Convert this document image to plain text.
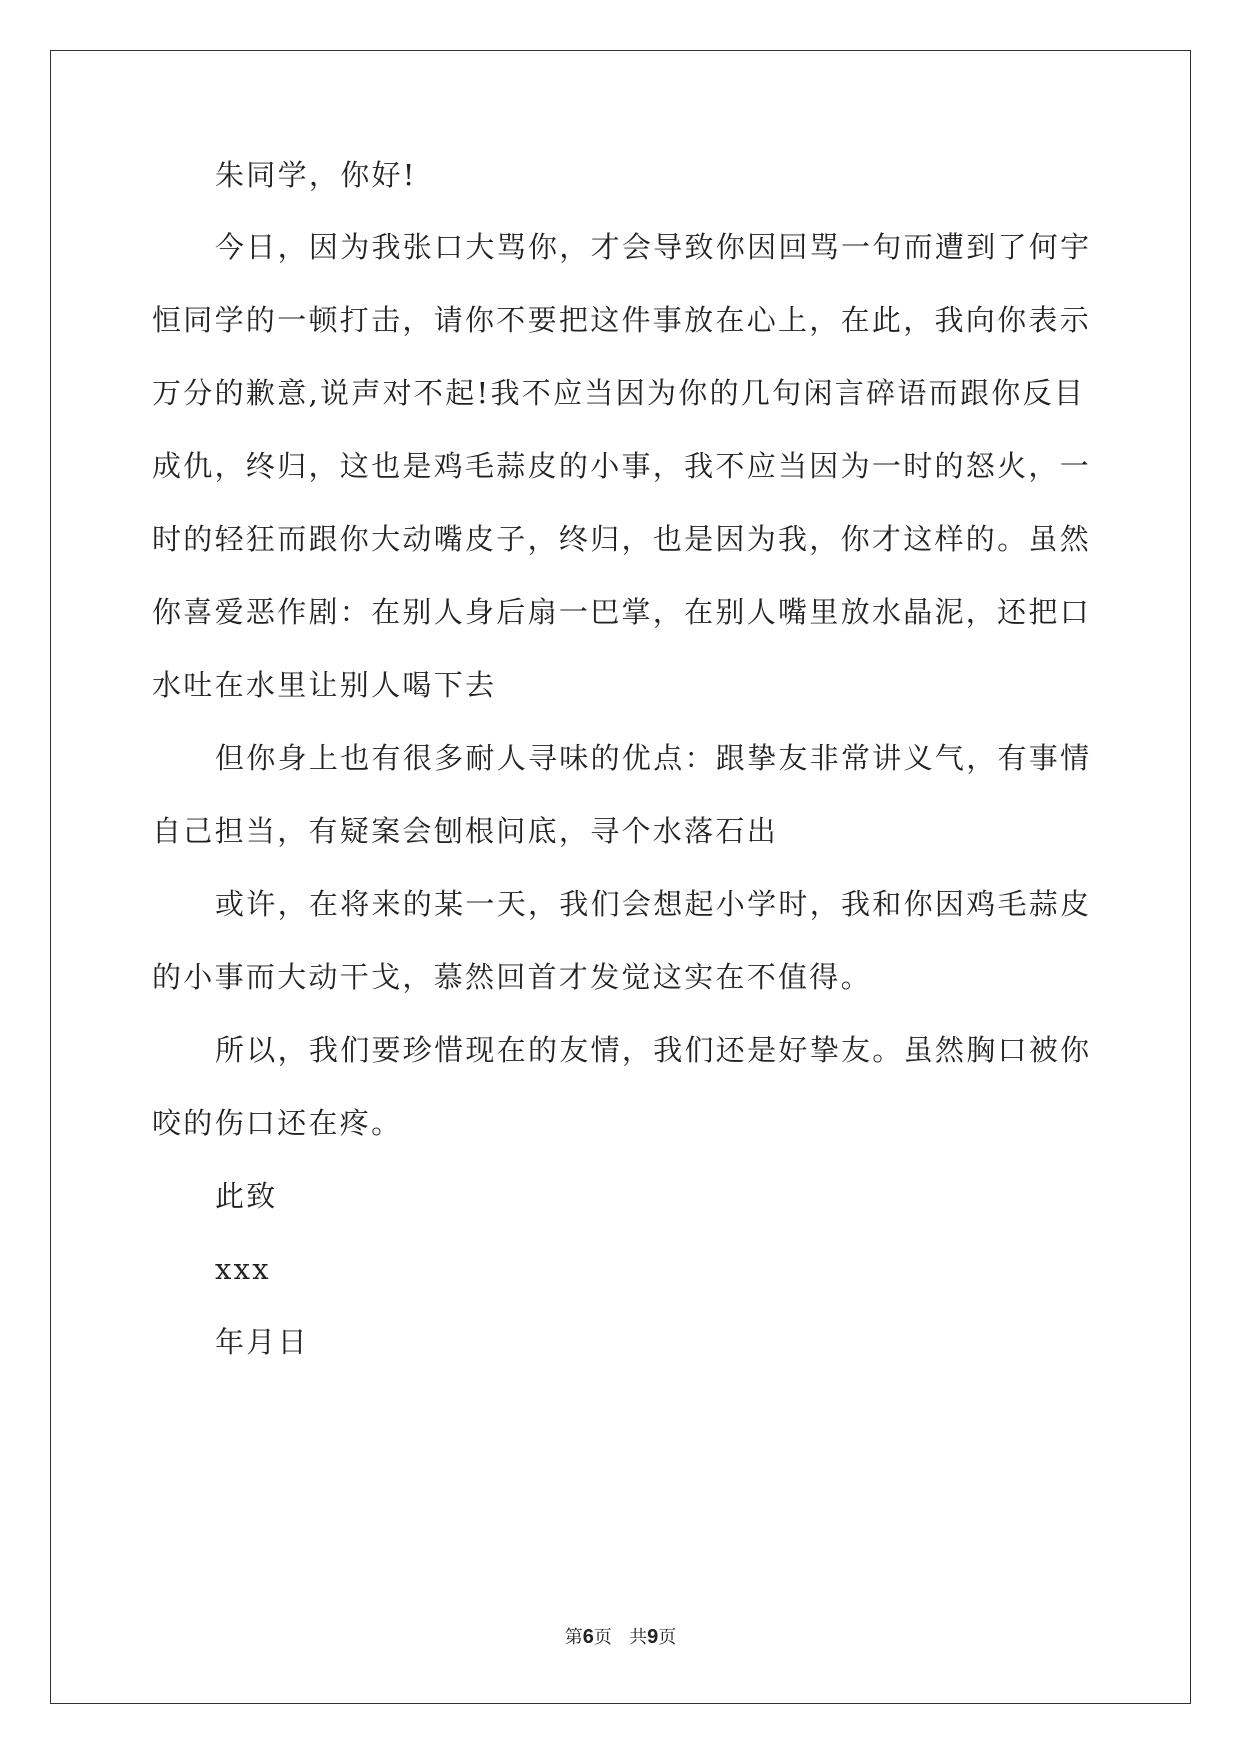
朱同学，你好!
今日，因为我张口大骂你，才会导致你因回骂一句而遭到了何宇
恒同学的一顿打击，请你不要把这件事放在心上，在此，我向你表示
万分的歉意,说声对不起!我不应当因为你的几句闲言碎语而跟你反目
成仇，终归，这也是鸡毛蒜皮的小事，我不应当因为一时的怒火，一
时的轻狂而跟你大动嘴皮子，终归，也是因为我，你才这样的。虽然
你喜爱恶作剧：在别人身后扇一巴掌，在别人嘴里放水晶泥，还把口
水吐在水里让别人喝下去
但你身上也有很多耐人寻味的优点：跟挚友非常讲义气，有事情
自己担当，有疑案会刨根问底，寻个水落石出
或许，在将来的某一天，我们会想起小学时，我和你因鸡毛蒜皮
的小事而大动干戈，慕然回首才发觉这实在不值得。
所以，我们要珍惜现在的友情，我们还是好挚友。虽然胸口被你
咬的伤口还在疼。
此致
xxx
年月日
第6页 共9页
